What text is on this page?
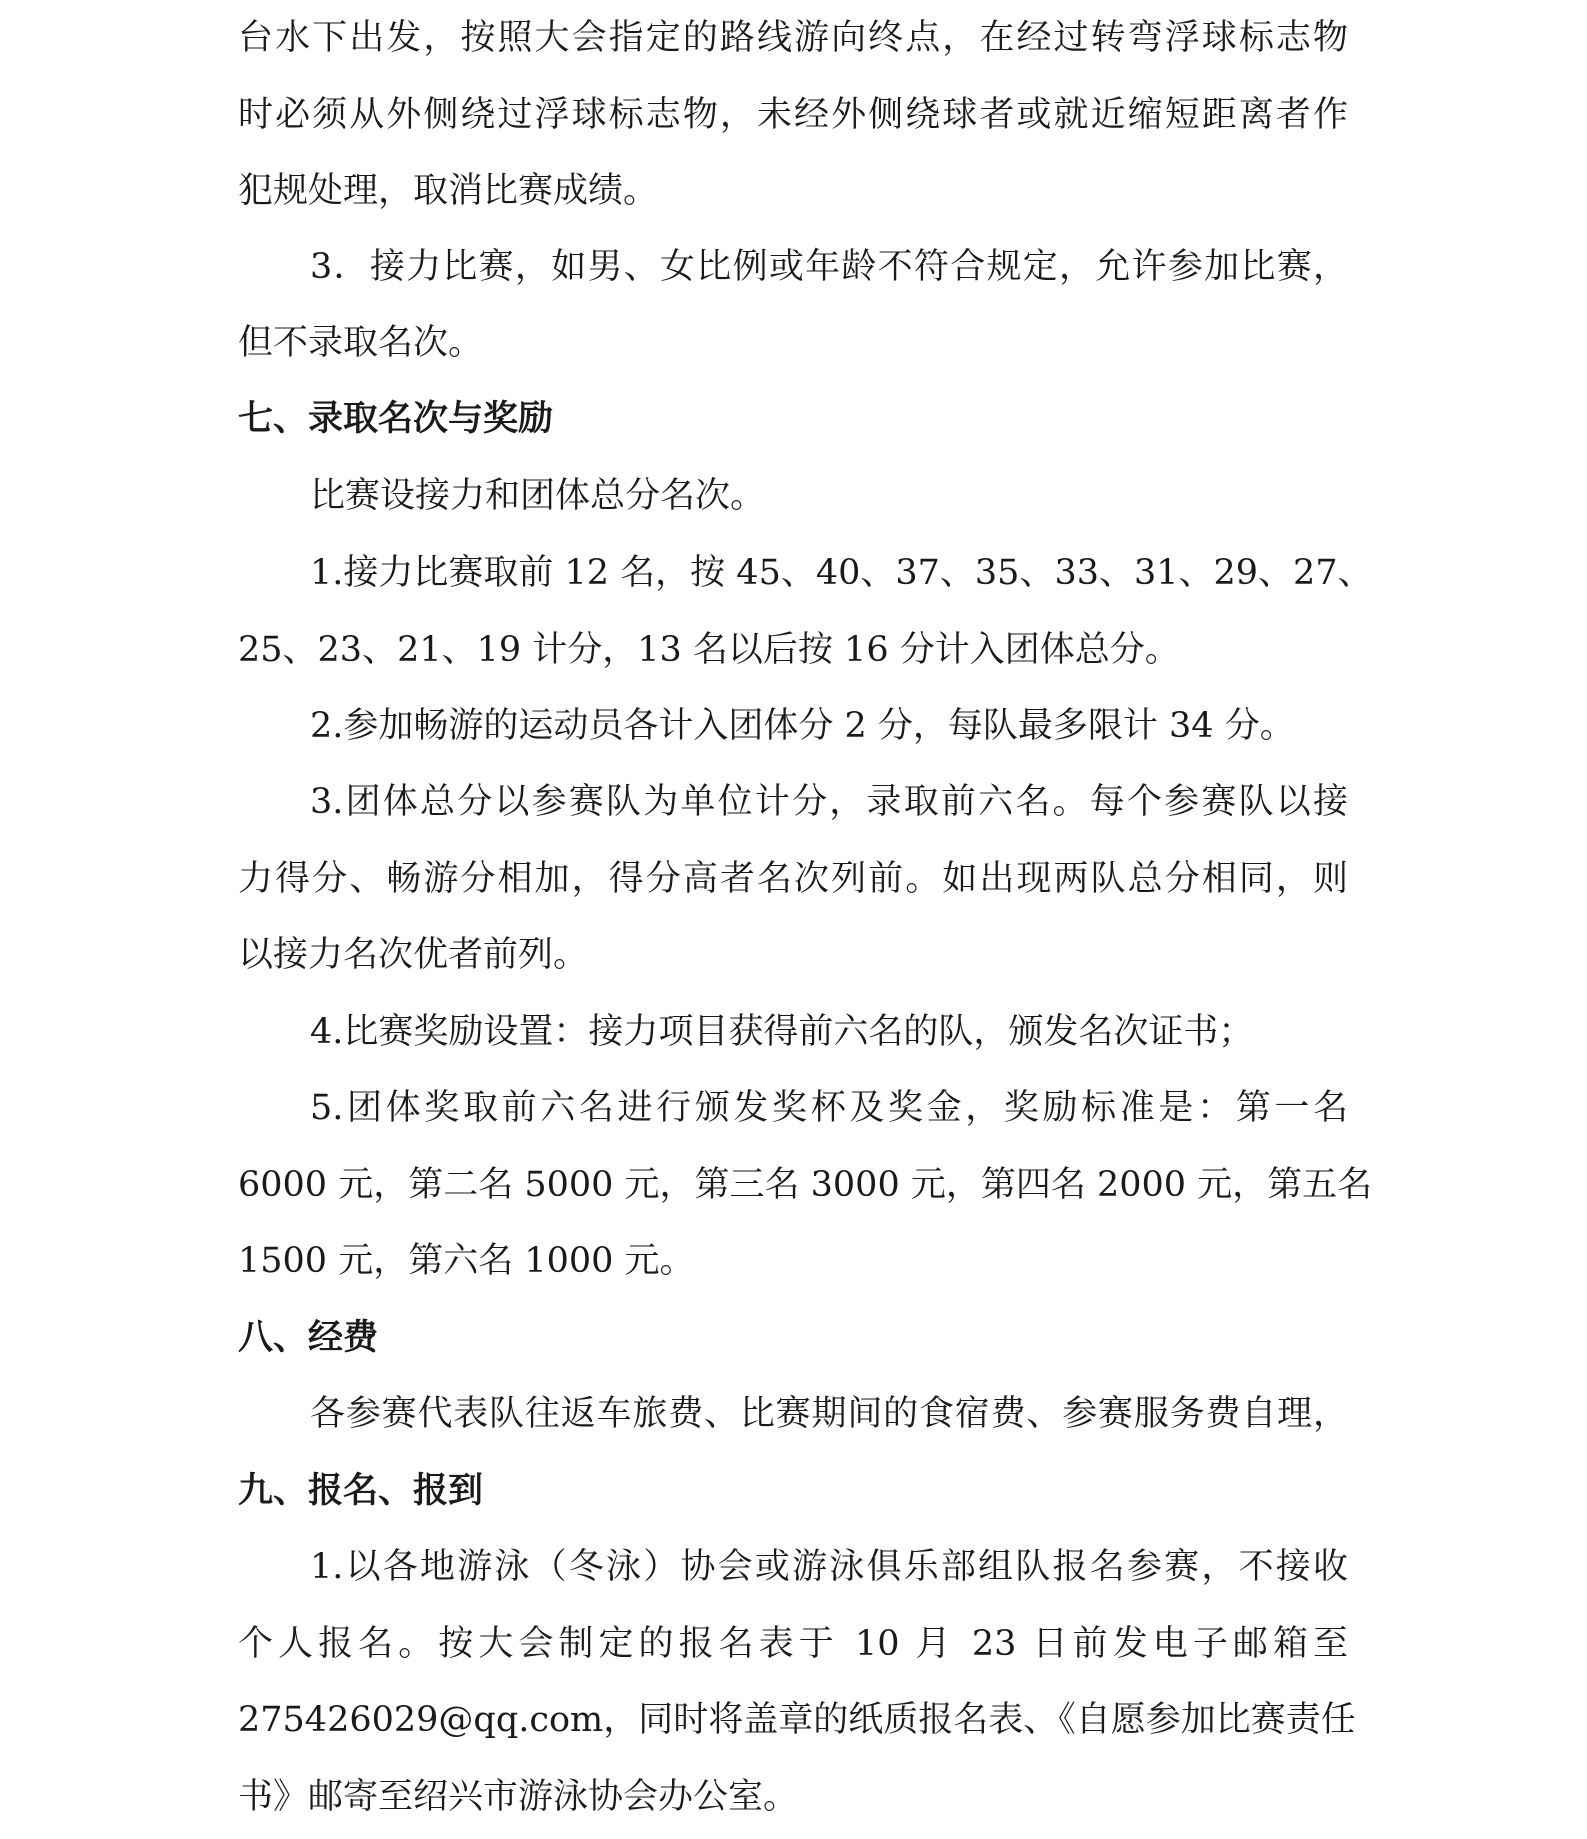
台水下出发，按照大会指定的路线游向终点，在经过转弯浮球标志物
时必须从外侧绕过浮球标志物，未经外侧绕球者或就近缩短距离者作
犯规处理，取消比赛成绩。
3．接力比赛，如男、女比例或年龄不符合规定，允许参加比赛，
但不录取名次。
七、录取名次与奖励
比赛设接力和团体总分名次。
1.接力比赛取前 12 名，按 45、40、37、35、33、31、29、27、
25、23、21、19 计分，13 名以后按 16 分计入团体总分。
2.参加畅游的运动员各计入团体分 2 分，每队最多限计 34 分。
3.团体总分以参赛队为单位计分，录取前六名。每个参赛队以接
力得分、畅游分相加，得分高者名次列前。如出现两队总分相同，则
以接力名次优者前列。
4.比赛奖励设置：接力项目获得前六名的队，颁发名次证书；
5.团体奖取前六名进行颁发奖杯及奖金，奖励标准是：第一名
6000 元，第二名 5000 元，第三名 3000 元，第四名 2000 元，第五名
1500 元，第六名 1000 元。
八、经费
各参赛代表队往返车旅费、比赛期间的食宿费、参赛服务费自理，
九、报名、报到
1.以各地游泳（冬泳）协会或游泳俱乐部组队报名参赛，不接收
个人报名。按大会制定的报名表于 10 月 23 日前发电子邮箱至
275426029@qq.com，同时将盖章的纸质报名表、《自愿参加比赛责任
书》邮寄至绍兴市游泳协会办公室。
